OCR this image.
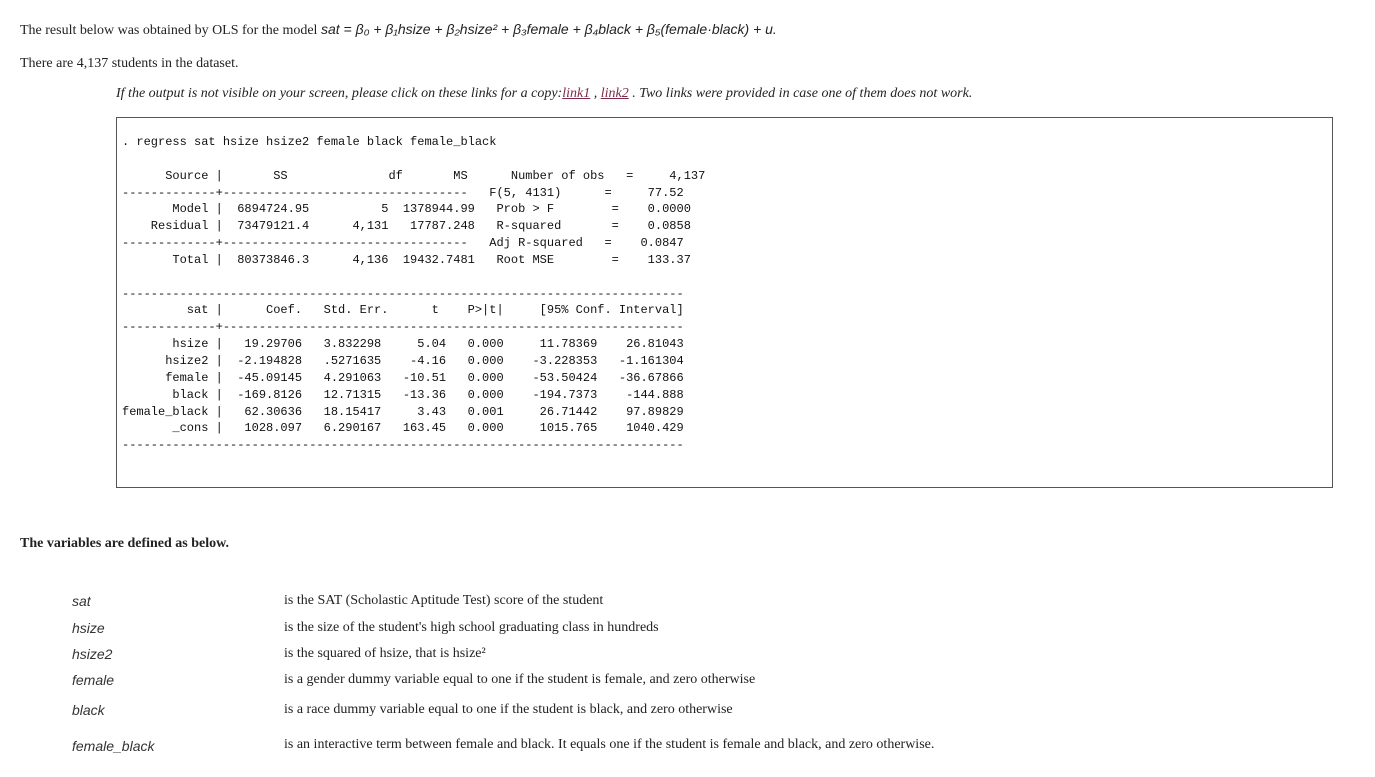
The result below was obtained by OLS for the model sat = β₀ + β₁hsize + β₂hsize² + β₃female + β₄black + β₅(female·black) + u.
There are 4,137 students in the dataset.
If the output is not visible on your screen, please click on these links for a copy:link1 , link2 . Two links were provided in case one of them does not work.
. regress sat hsize hsize2 female black female_black

Source |       SS              df       MS      Number of obs   =     4,137
-------------+----------------------------------   F(5, 4131)      =     77.52
Model |  6894724.95          5  1378944.99   Prob > F        =    0.0000
Residual |  73479121.4      4,131   17787.248   R-squared       =    0.0858
-------------+----------------------------------   Adj R-squared   =    0.0847
Total |  80373846.3      4,136  19432.7481   Root MSE        =    133.37

------------------------------------------------------------------------------
sat |      Coef.   Std. Err.      t    P>|t|     [95% Conf. Interval]
-------------+----------------------------------------------------------------
hsize |   19.29706   3.832298     5.04   0.000     11.78369    26.81043
hsize2 |  -2.194828   .5271635    -4.16   0.000    -3.228353   -1.161304
female |  -45.09145   4.291063   -10.51   0.000    -53.50424   -36.67866
black |  -169.8126   12.71315   -13.36   0.000    -194.7373    -144.888
female_black |   62.30636   18.15417     3.43   0.001     26.71442    97.89829
_cons |   1028.097   6.290167   163.45   0.000     1015.765    1040.429
------------------------------------------------------------------------------
The variables are defined as below.
sat	is the SAT (Scholastic Aptitude Test) score of the student
hsize	is the size of the student's high school graduating class in hundreds
hsize2	is the squared of hsize, that is hsize²
female	is a gender dummy variable equal to one if the student is female, and zero otherwise
black	is a race dummy variable equal to one if the student is black, and zero otherwise
female_black	is an interactive term between female and black. It equals one if the student is female and black, and zero otherwise.
